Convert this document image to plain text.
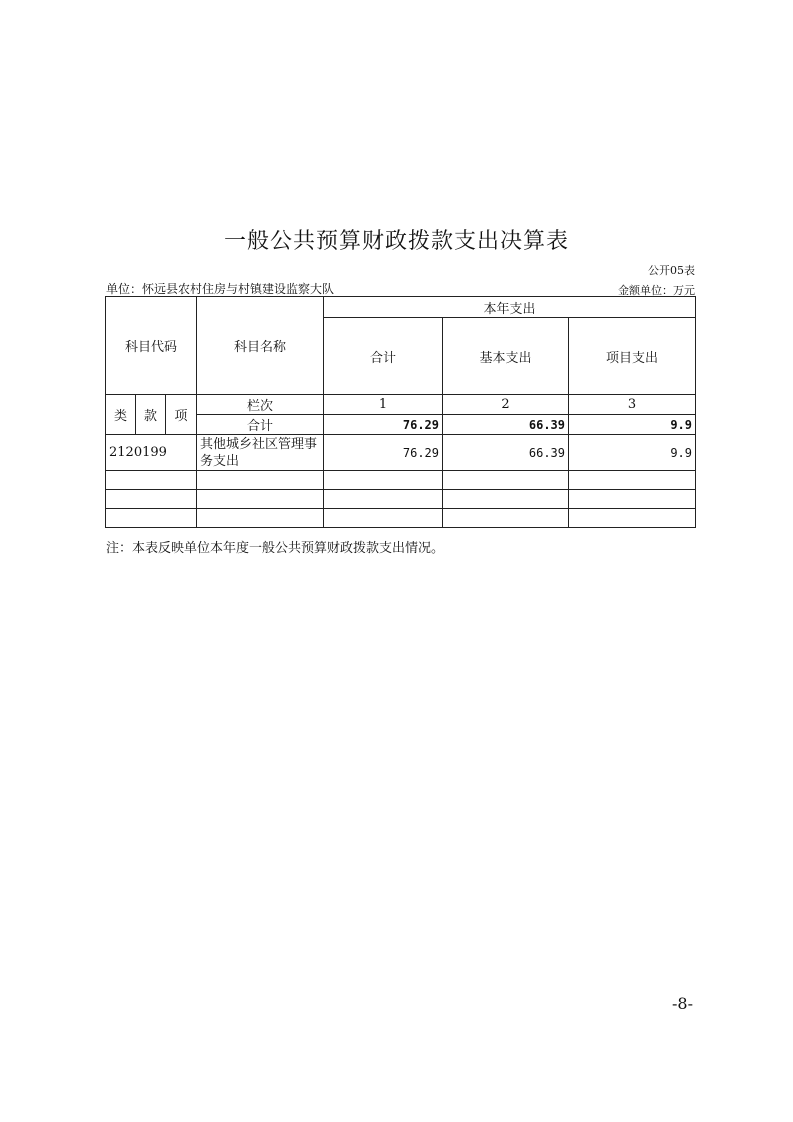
一般公共预算财政拨款支出决算表
公开05表
单位：怀远县农村住房与村镇建设监察大队	金额单位：万元
科目代码			科目名称	本年支出		
				合计	基本支出	项目支出
类	款	项	栏次	1	2	3
			合计	76.29	66.39	9.9
2120199			其他城乡社区管理事务支出	76.29	66.39	9.9

注：本表反映单位本年度一般公共预算财政拨款支出情况。
-8-
